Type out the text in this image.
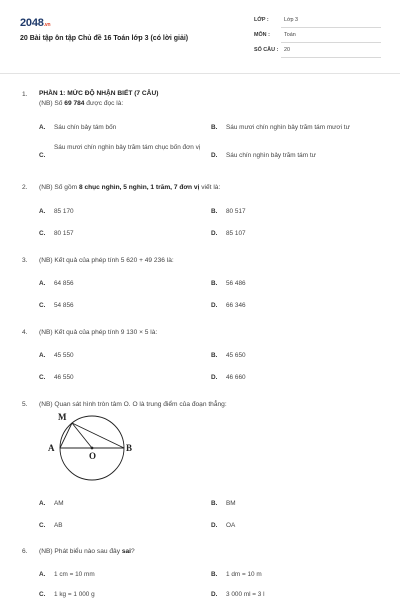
2048.vn
20 Bài tập ôn tập Chủ đề 16 Toán lớp 3 (có lời giải)
LỚP :	Lớp 3
MÔN :	Toán
SỐ CÂU : 20
1. PHẦN 1: MỨC ĐỘ NHẬN BIẾT (7 CÂU)
(NB) Số 69 784 được đọc là:
A. Sáu chín bảy tám bốn	B. Sáu mươi chín nghìn bảy trăm tám mươi tư
C.
Sáu mươi chín nghìn bảy trăm tám chục bốn đơn vị
D. Sáu chín nghìn bảy trăm tám tư
2. (NB) Số gồm 8 chục nghìn, 5 nghìn, 1 trăm, 7 đơn vị viết là:
A. 85 170	B. 80 517
C. 80 157	D. 85 107
3. (NB) Kết quả của phép tính 5 620 + 49 236 là:
A. 64 856	B. 56 486
C. 54 856	D. 66 346
4. (NB) Kết quả của phép tính 9 130 × 5 là:
A. 45 550	B. 45 650
C. 46 550	D. 46 660
5. (NB) Quan sát hình tròn tâm O. O là trung điểm của đoạn thẳng:
M
A
O
B
A. AM	B. BM
C. AB	D. OA
6. (NB) Phát biểu nào sau đây sai?
A. 1 cm = 10 mm	B. 1 dm = 10 m
C. 1 kg = 1 000 g	D. 3 000 ml = 3 l
